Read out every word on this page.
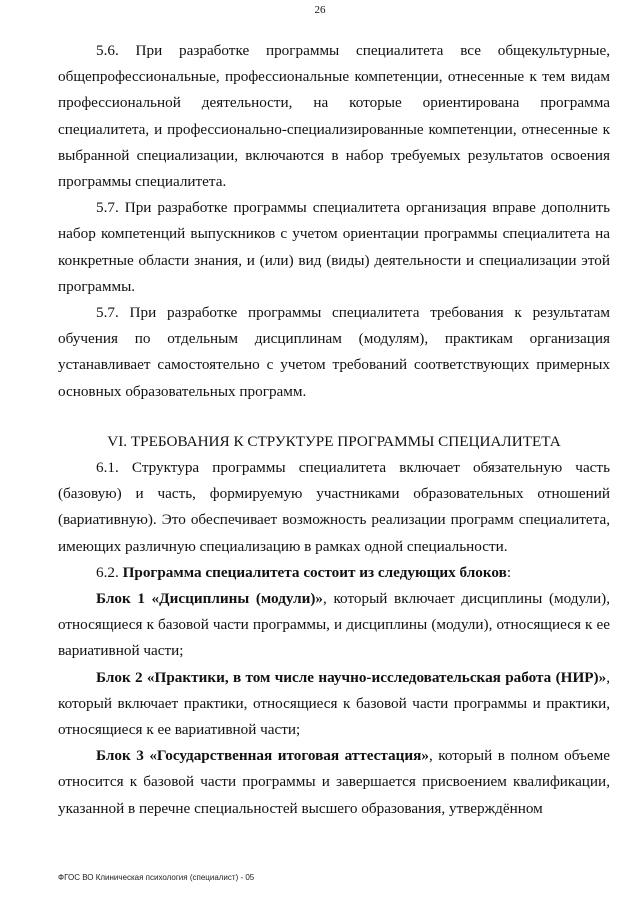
26

5.6. При разработке программы специалитета все общекультурные, общепрофессиональные, профессиональные компетенции, отнесенные к тем видам профессиональной деятельности, на которые ориентирована программа специалитета, и профессионально-специализированные компетенции, отнесенные к выбранной специализации, включаются в набор требуемых результатов освоения программы специалитета.

5.7. При разработке программы специалитета организация вправе дополнить набор компетенций выпускников с учетом ориентации программы специалитета на конкретные области знания, и (или) вид (виды) деятельности и специализации этой программы.

5.7. При разработке программы специалитета требования к результатам обучения по отдельным дисциплинам (модулям), практикам организация устанавливает самостоятельно с учетом требований соответствующих примерных основных образовательных программ.

VI. ТРЕБОВАНИЯ К СТРУКТУРЕ ПРОГРАММЫ СПЕЦИАЛИТЕТА

6.1. Структура программы специалитета включает обязательную часть (базовую) и часть, формируемую участниками образовательных отношений (вариативную). Это обеспечивает возможность реализации программ специалитета, имеющих различную специализацию в рамках одной специальности.

6.2. Программа специалитета состоит из следующих блоков:

Блок 1 «Дисциплины (модули)», который включает дисциплины (модули), относящиеся к базовой части программы, и дисциплины (модули), относящиеся к ее вариативной части;

Блок 2 «Практики, в том числе научно-исследовательская работа (НИР)», который включает практики, относящиеся к базовой части программы и практики, относящиеся к ее вариативной части;

Блок 3 «Государственная итоговая аттестация», который в полном объеме относится к базовой части программы и завершается присвоением квалификации, указанной в перечне специальностей высшего образования, утверждённом

ФГОС ВО Клиническая психология (специалист) - 05
